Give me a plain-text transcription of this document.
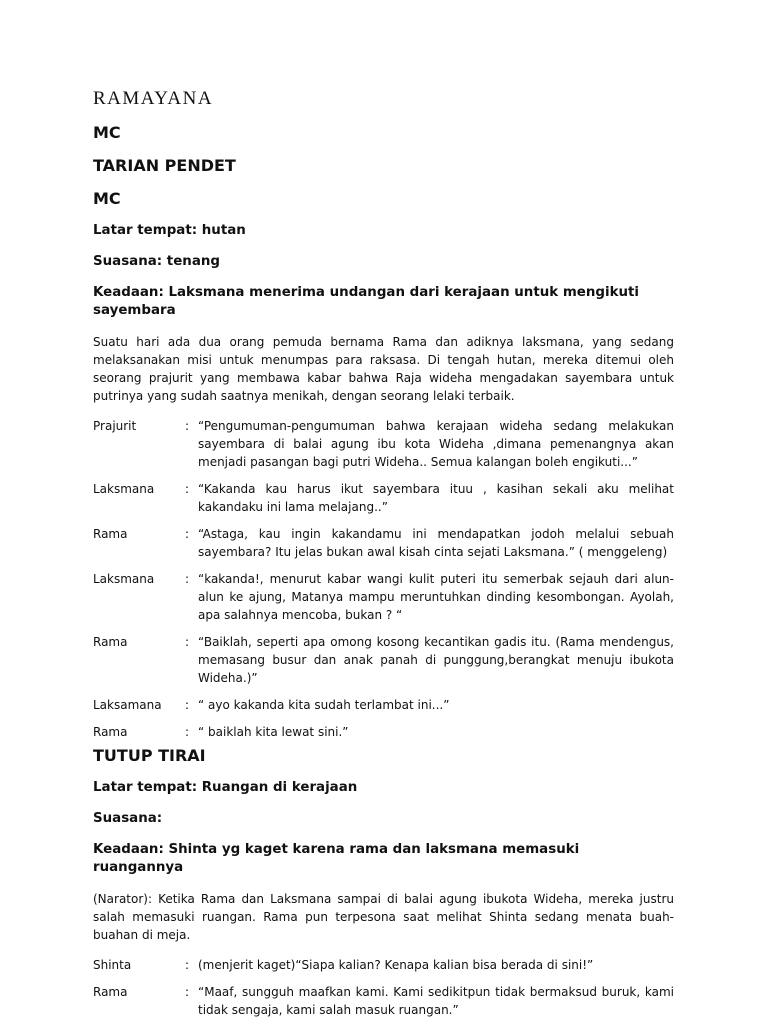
RAMAYANA
MC
TARIAN PENDET
MC
Latar tempat: hutan
Suasana: tenang
Keadaan: Laksmana menerima undangan dari kerajaan untuk mengikuti sayembara
Suatu hari ada dua orang pemuda bernama Rama dan adiknya laksmana, yang sedang melaksanakan misi untuk menumpas para raksasa. Di tengah hutan, mereka ditemui oleh seorang prajurit yang membawa kabar bahwa Raja wideha mengadakan sayembara untuk putrinya yang sudah saatnya menikah, dengan seorang lelaki terbaik.
Prajurit	: “Pengumuman-pengumuman bahwa kerajaan wideha sedang melakukan sayembara di balai agung ibu kota Wideha ,dimana pemenangnya akan menjadi pasangan bagi putri Wideha.. Semua kalangan boleh engikuti...”
Laksmana	: “Kakanda kau harus ikut sayembara ituu , kasihan sekali aku melihat kakandaku ini lama melajang..”
Rama	: “Astaga, kau ingin kakandamu ini mendapatkan jodoh melalui sebuah sayembara? Itu jelas bukan awal kisah cinta sejati Laksmana.” ( menggeleng)
Laksmana	: “kakanda!, menurut kabar wangi kulit puteri itu semerbak sejauh dari alun-alun ke ajung, Matanya mampu meruntuhkan dinding kesombongan. Ayolah, apa salahnya mencoba, bukan ? “
Rama	: “Baiklah, seperti apa omong kosong kecantikan gadis itu. (Rama mendengus, memasang busur dan anak panah di punggung,berangkat menuju ibukota Wideha.)”
Laksamana	: “ ayo kakanda kita sudah terlambat ini...”
Rama	: “ baiklah kita lewat sini.”
TUTUP TIRAI
Latar tempat: Ruangan di kerajaan
Suasana:
Keadaan: Shinta yg kaget karena rama dan laksmana memasuki ruangannya
(Narator): Ketika Rama dan Laksmana sampai di balai agung ibukota Wideha, mereka justru salah memasuki ruangan. Rama pun terpesona saat melihat Shinta sedang menata buah-buahan di meja.
Shinta	: (menjerit kaget)“Siapa kalian? Kenapa kalian bisa berada di sini!”
Rama	: “Maaf, sungguh maafkan kami. Kami sedikitpun tidak bermaksud buruk, kami tidak sengaja, kami salah masuk ruangan.”
